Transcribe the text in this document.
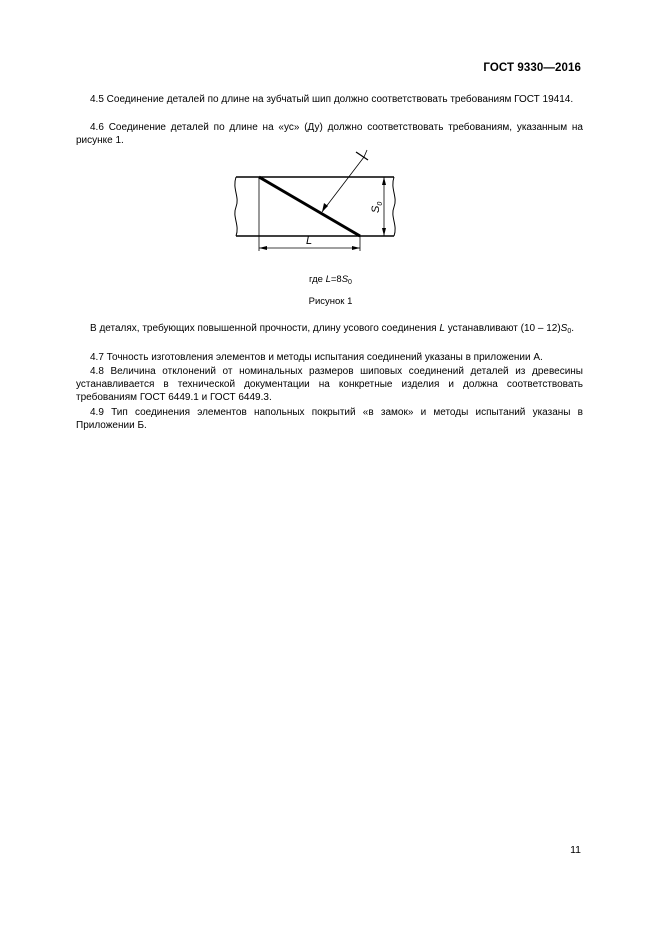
ГОСТ 9330—2016

4.5 Соединение деталей по длине на зубчатый шип должно соответствовать требованиям ГОСТ 19414.

4.6 Соединение деталей по длине на «ус» (Ду) должно соответствовать требованиям, указанным на рисунке 1.

L
$S_0$
где $L=8S_0$
Рисунок 1

В деталях, требующих повышенной прочности, длину усового соединения L устанавливают $(10 - 12)S_0$.

4.7 Точность изготовления элементов и методы испытания соединений указаны в приложении А.

4.8 Величина отклонений от номинальных размеров шиповых соединений деталей из древесины устанавливается в технической документации на конкретные изделия и должна соответствовать требованиям ГОСТ 6449.1 и ГОСТ 6449.3.

4.9 Тип соединения элементов напольных покрытий «в замок» и методы испытаний указаны в Приложении Б.

11
